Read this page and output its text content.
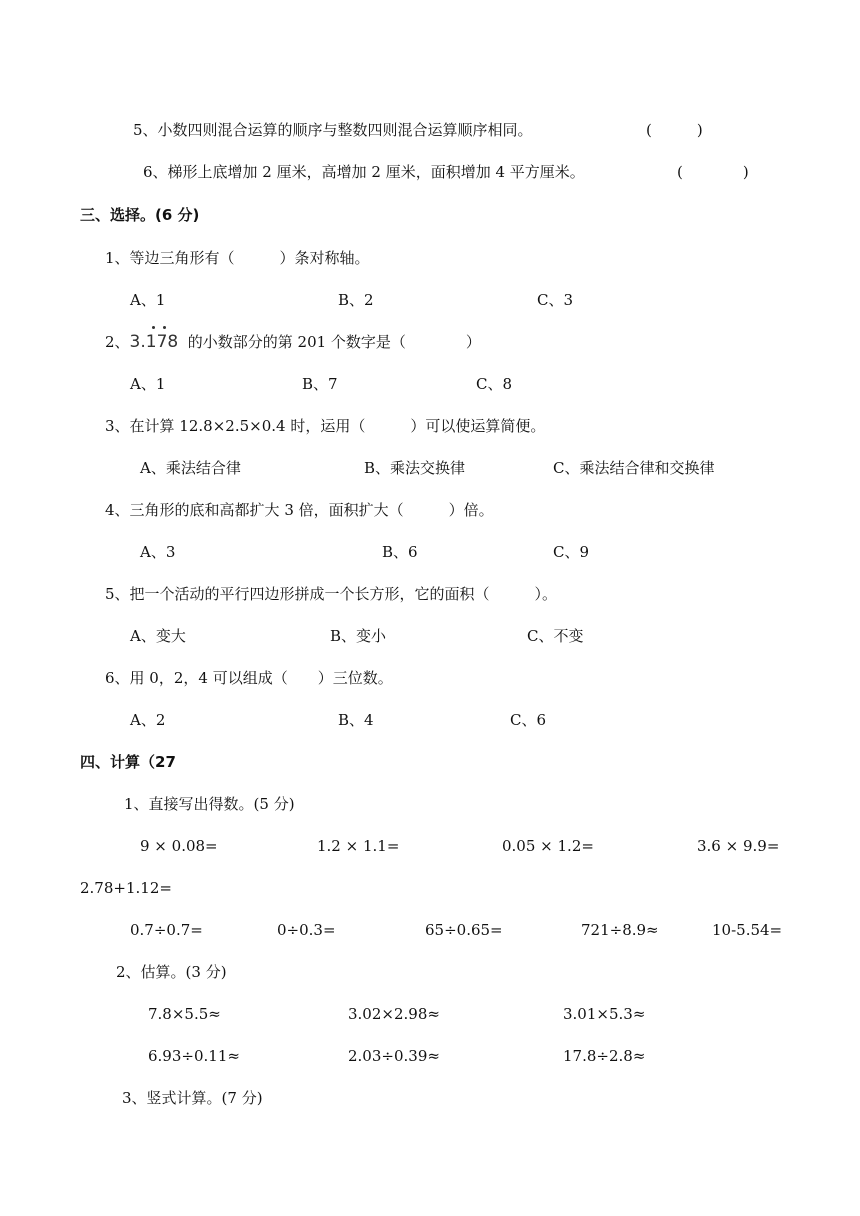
5、小数四则混合运算的顺序与整数四则混合运算顺序相同。	(　　　)
6、梯形上底增加 2 厘米，高增加 2 厘米，面积增加 4 平方厘米。	(　　　　)
三、选择。(6 分)
1、等边三角形有（　　　）条对称轴。
A、1	B、2	C、3
2、3.178 的小数部分的第 201 个数字是（　　　　）
A、1	B、7	C、8
3、在计算 12.8×2.5×0.4 时，运用（　　　）可以使运算简便。
A、乘法结合律	B、乘法交换律	C、乘法结合律和交换律
4、三角形的底和高都扩大 3 倍，面积扩大（　　　）倍。
A、3	B、6	C、9
5、把一个活动的平行四边形拼成一个长方形，它的面积（　　　）。
A、变大	B、变小	C、不变
6、用 0，2，4 可以组成（　　）三位数。
A、2	B、4	C、6
四、计算（27
1、直接写出得数。(5 分)
9 × 0.08=	1.2 × 1.1=	0.05 × 1.2=	3.6 × 9.9=
2.78+1.12=
0.7÷0.7=	0÷0.3=	65÷0.65=	721÷8.9≈	10-5.54=
2、估算。(3 分)
7.8×5.5≈	3.02×2.98≈	3.01×5.3≈
6.93÷0.11≈	2.03÷0.39≈	17.8÷2.8≈
3、竖式计算。(7 分)
